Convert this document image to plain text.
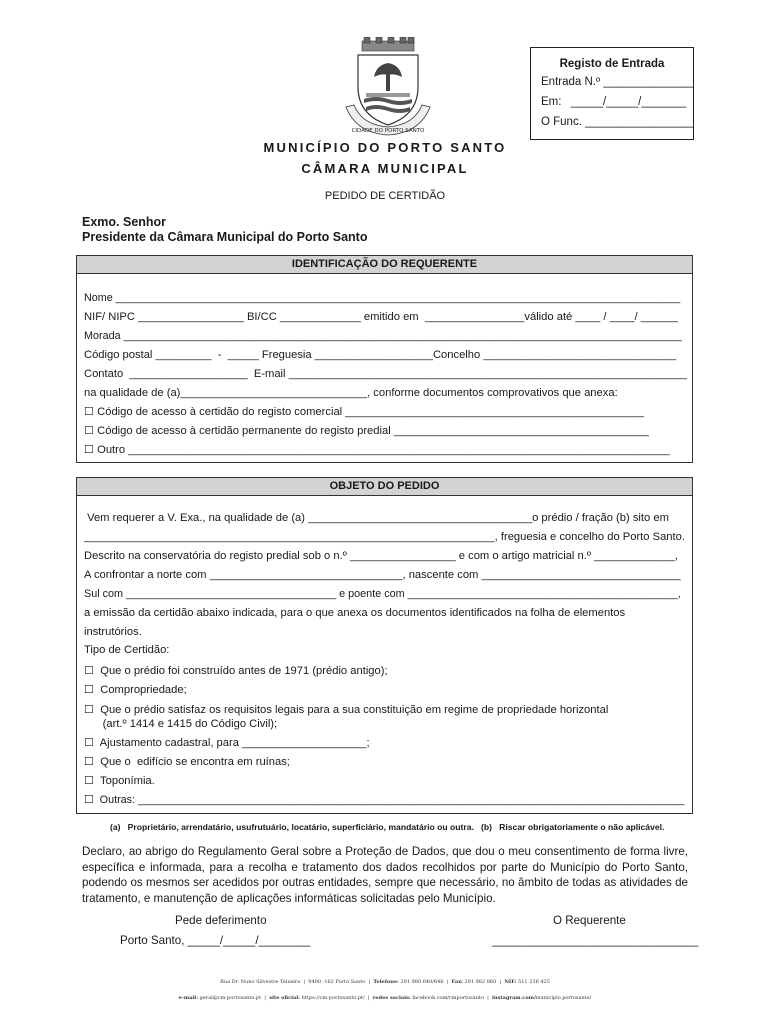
CIDADE DO PORTO SANTO
Registo de Entrada
Entrada N.º ______________
Em:   _____/_____/_______
O Func. _________________
MUNICÍPIO DO PORTO SANTO
CÂMARA MUNICIPAL
PEDIDO DE CERTIDÃO
Exmo. Senhor
Presidente da Câmara Municipal do Porto Santo
IDENTIFICAÇÃO DO REQUERENTE
Nome ______________________________________________________________________________________________
NIF/ NIPC _________________ BI/CC _____________ emitido em  ________________válido até ____ / ____/ ______
Morada _____________________________________________________________________________________________
Código postal _________  -  _____ Freguesia ___________________Concelho _______________________________
Contato  ___________________  E-mail ________________________________________________________________
na qualidade de (a)______________________________, conforme documentos comprovativos que anexa:
☐ Código de acesso à certidão do registo comercial ________________________________________________
☐ Código de acesso à certidão permanente do registo predial _________________________________________
☐ Outro _______________________________________________________________________________________
OBJETO DO PEDIDO
Vem requerer a V. Exa., na qualidade de (a) ____________________________________o prédio / fração (b) sito em
__________________________________________________________________, freguesia e concelho do Porto Santo.
Descrito na conservatória do registo predial sob o n.º _________________ e com o artigo matricial n.º _____________,
A confrontar a norte com _______________________________, nascente com ________________________________
Sul com ___________________________________ e poente com _____________________________________________,
a emissão da certidão abaixo indicada, para o que anexa os documentos identificados na folha de elementos
instrutórios.
Tipo de Certidão:
☐  Que o prédio foi construído antes de 1971 (prédio antigo);
☐  Compropriedade;
☐  Que o prédio satisfaz os requisitos legais para a sua constituição em regime de propriedade horizontal
(art.º 1414 e 1415 do Código Civil);
☐  Ajustamento cadastral, para ____________________;
☐  Que o  edifício se encontra em ruínas;
☐  Toponímia.
☐  Outras: ___________________________________________________________________________________________
(a)   Proprietário, arrendatário, usufrutuário, locatário, superficiário, mandatário ou outra.   (b)   Riscar obrigatoriamente o não aplicável.
Declaro, ao abrigo do Regulamento Geral sobre a Proteção de Dados, que dou o meu consentimento de forma livre, específica e informada, para a recolha e tratamento dos dados recolhidos por parte do Município do Porto Santo, podendo os mesmos ser acedidos por outras entidades, sempre que necessário, no âmbito de todas as atividades de tratamento, e manutenção de aplicações informáticas solicitadas pelo Município.
Pede deferimento
Porto Santo, _____/_____/________
O Requerente
________________________________
Rua Dr. Nuno Silvestre Teixeira  |  9400 -162 Porto Santo  |  Telefone: 291 980 640/646  |  Fax: 291 982 860  |  NIF: 511 236 425
e-mail: geral@cm-portosanto.pt  |  site oficial: https://cm-portosanto.pt/  |  redes sociais: facebook.com/cmportosanto  |  instagram.com/municipio.portosanto/
